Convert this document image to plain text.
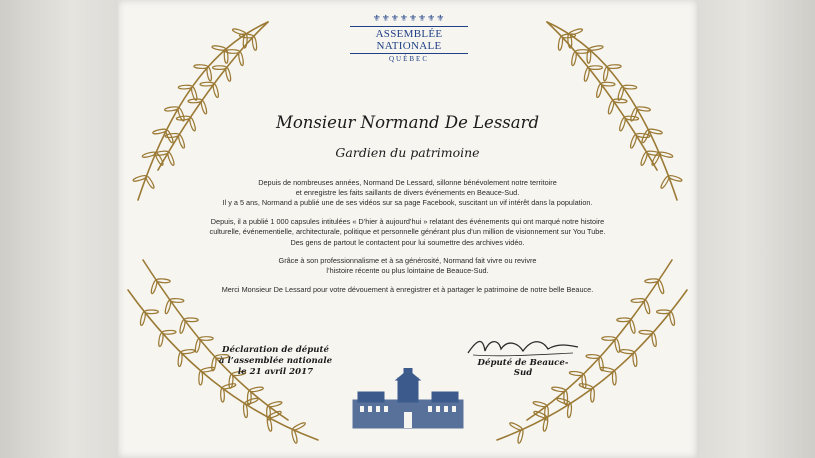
⚜⚜⚜⚜⚜⚜⚜⚜
ASSEMBLÉE NATIONALE
QUÉBEC
Monsieur Normand De Lessard
Gardien du patrimoine

Depuis de nombreuses années, Normand De Lessard, sillonne bénévolement notre territoire
et enregistre les faits saillants de divers événements en Beauce-Sud.
Il y a 5 ans, Normand a publié une de ses vidéos sur sa page Facebook, suscitant un vif intérêt dans la population.

Depuis, il a publié 1 000 capsules intitulées « D’hier à aujourd’hui » relatant des événements qui ont marqué notre histoire
culturelle, événementielle, architecturale, politique et personnelle générant plus d’un million de visionnement sur You Tube.
Des gens de partout le contactent pour lui soumettre des archives vidéo.

Grâce à son professionnalisme et à sa générosité, Normand fait vivre ou revivre
l’histoire récente ou plus lointaine de Beauce-Sud.

Merci Monsieur De Lessard pour votre dévouement à enregistrer et à partager le patrimoine de notre belle Beauce.

Déclaration de député
à l’assemblée nationale
le 21 avril 2017
Député de Beauce-Sud
